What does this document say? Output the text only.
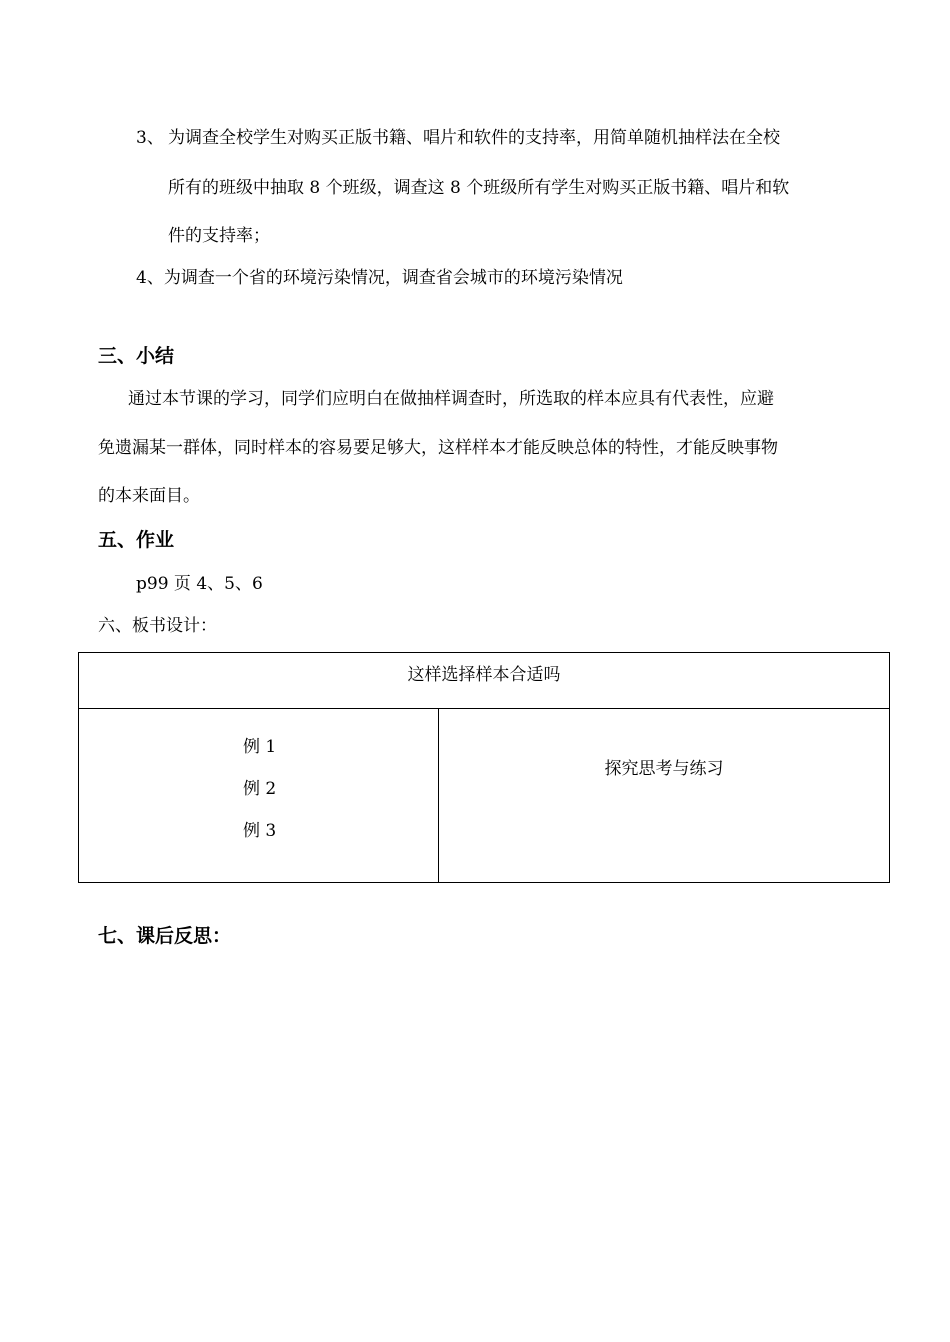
3、 为调查全校学生对购买正版书籍、唱片和软件的支持率，用简单随机抽样法在全校
所有的班级中抽取 8 个班级，调查这 8 个班级所有学生对购买正版书籍、唱片和软
件的支持率；
4、为调查一个省的环境污染情况，调查省会城市的环境污染情况
三、小结
通过本节课的学习，同学们应明白在做抽样调查时，所选取的样本应具有代表性，应避
免遗漏某一群体，同时样本的容易要足够大，这样样本才能反映总体的特性，才能反映事物
的本来面目。
五、作业
p99 页 4、5、6
六、板书设计：
这样选择样本合适吗
例 1
例 2
例 3
探究思考与练习
七、课后反思：
